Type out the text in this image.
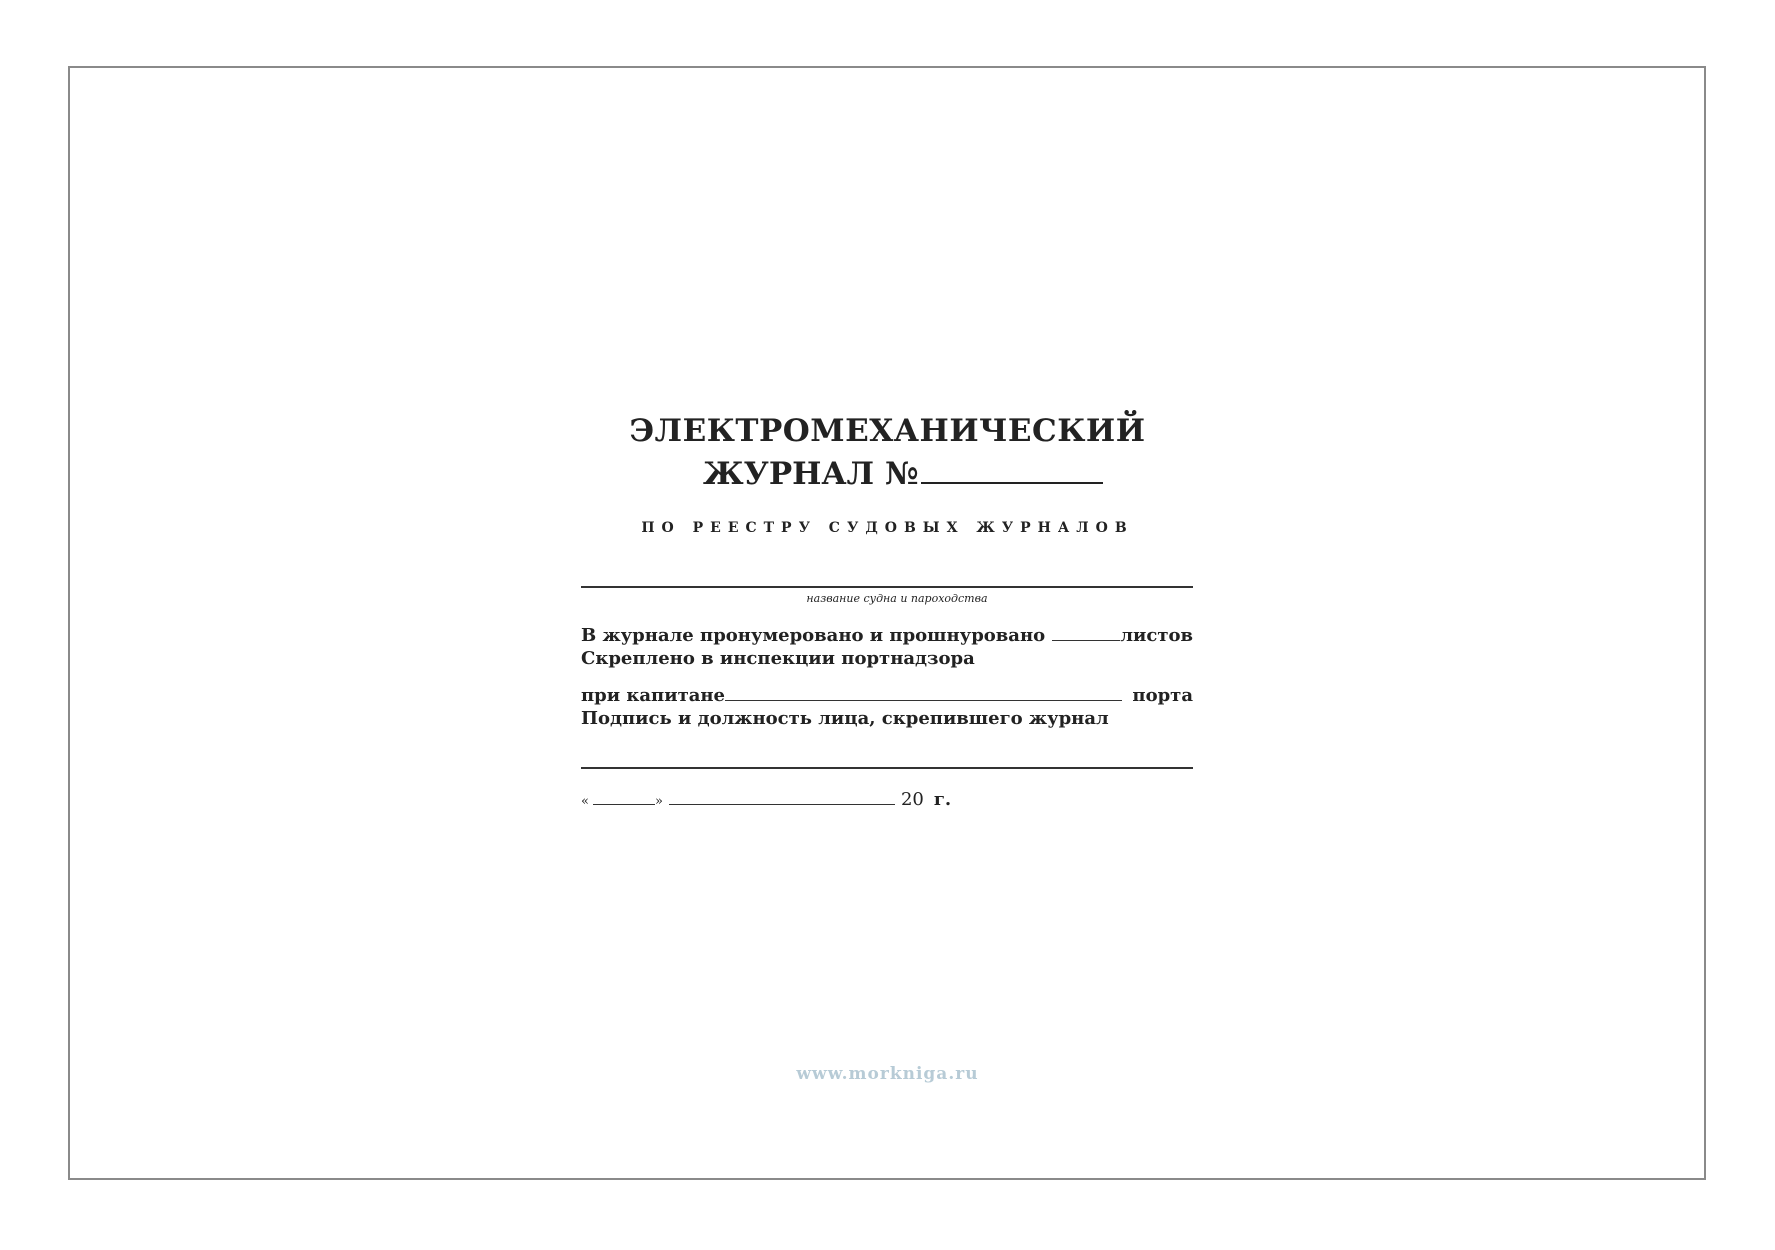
ЭЛЕКТРОМЕХАНИЧЕСКИЙ
ЖУРНАЛ №
ПО РЕЕСТРУ СУДОВЫХ ЖУРНАЛОВ
название судна и пароходства
В журнале пронумеровано и прошнуровано	листов
Скреплено в инспекции портнадзора
при капитане	порта
Подпись и должность лица, скрепившего журнал
«	»	20 г.
www.morkniga.ru
